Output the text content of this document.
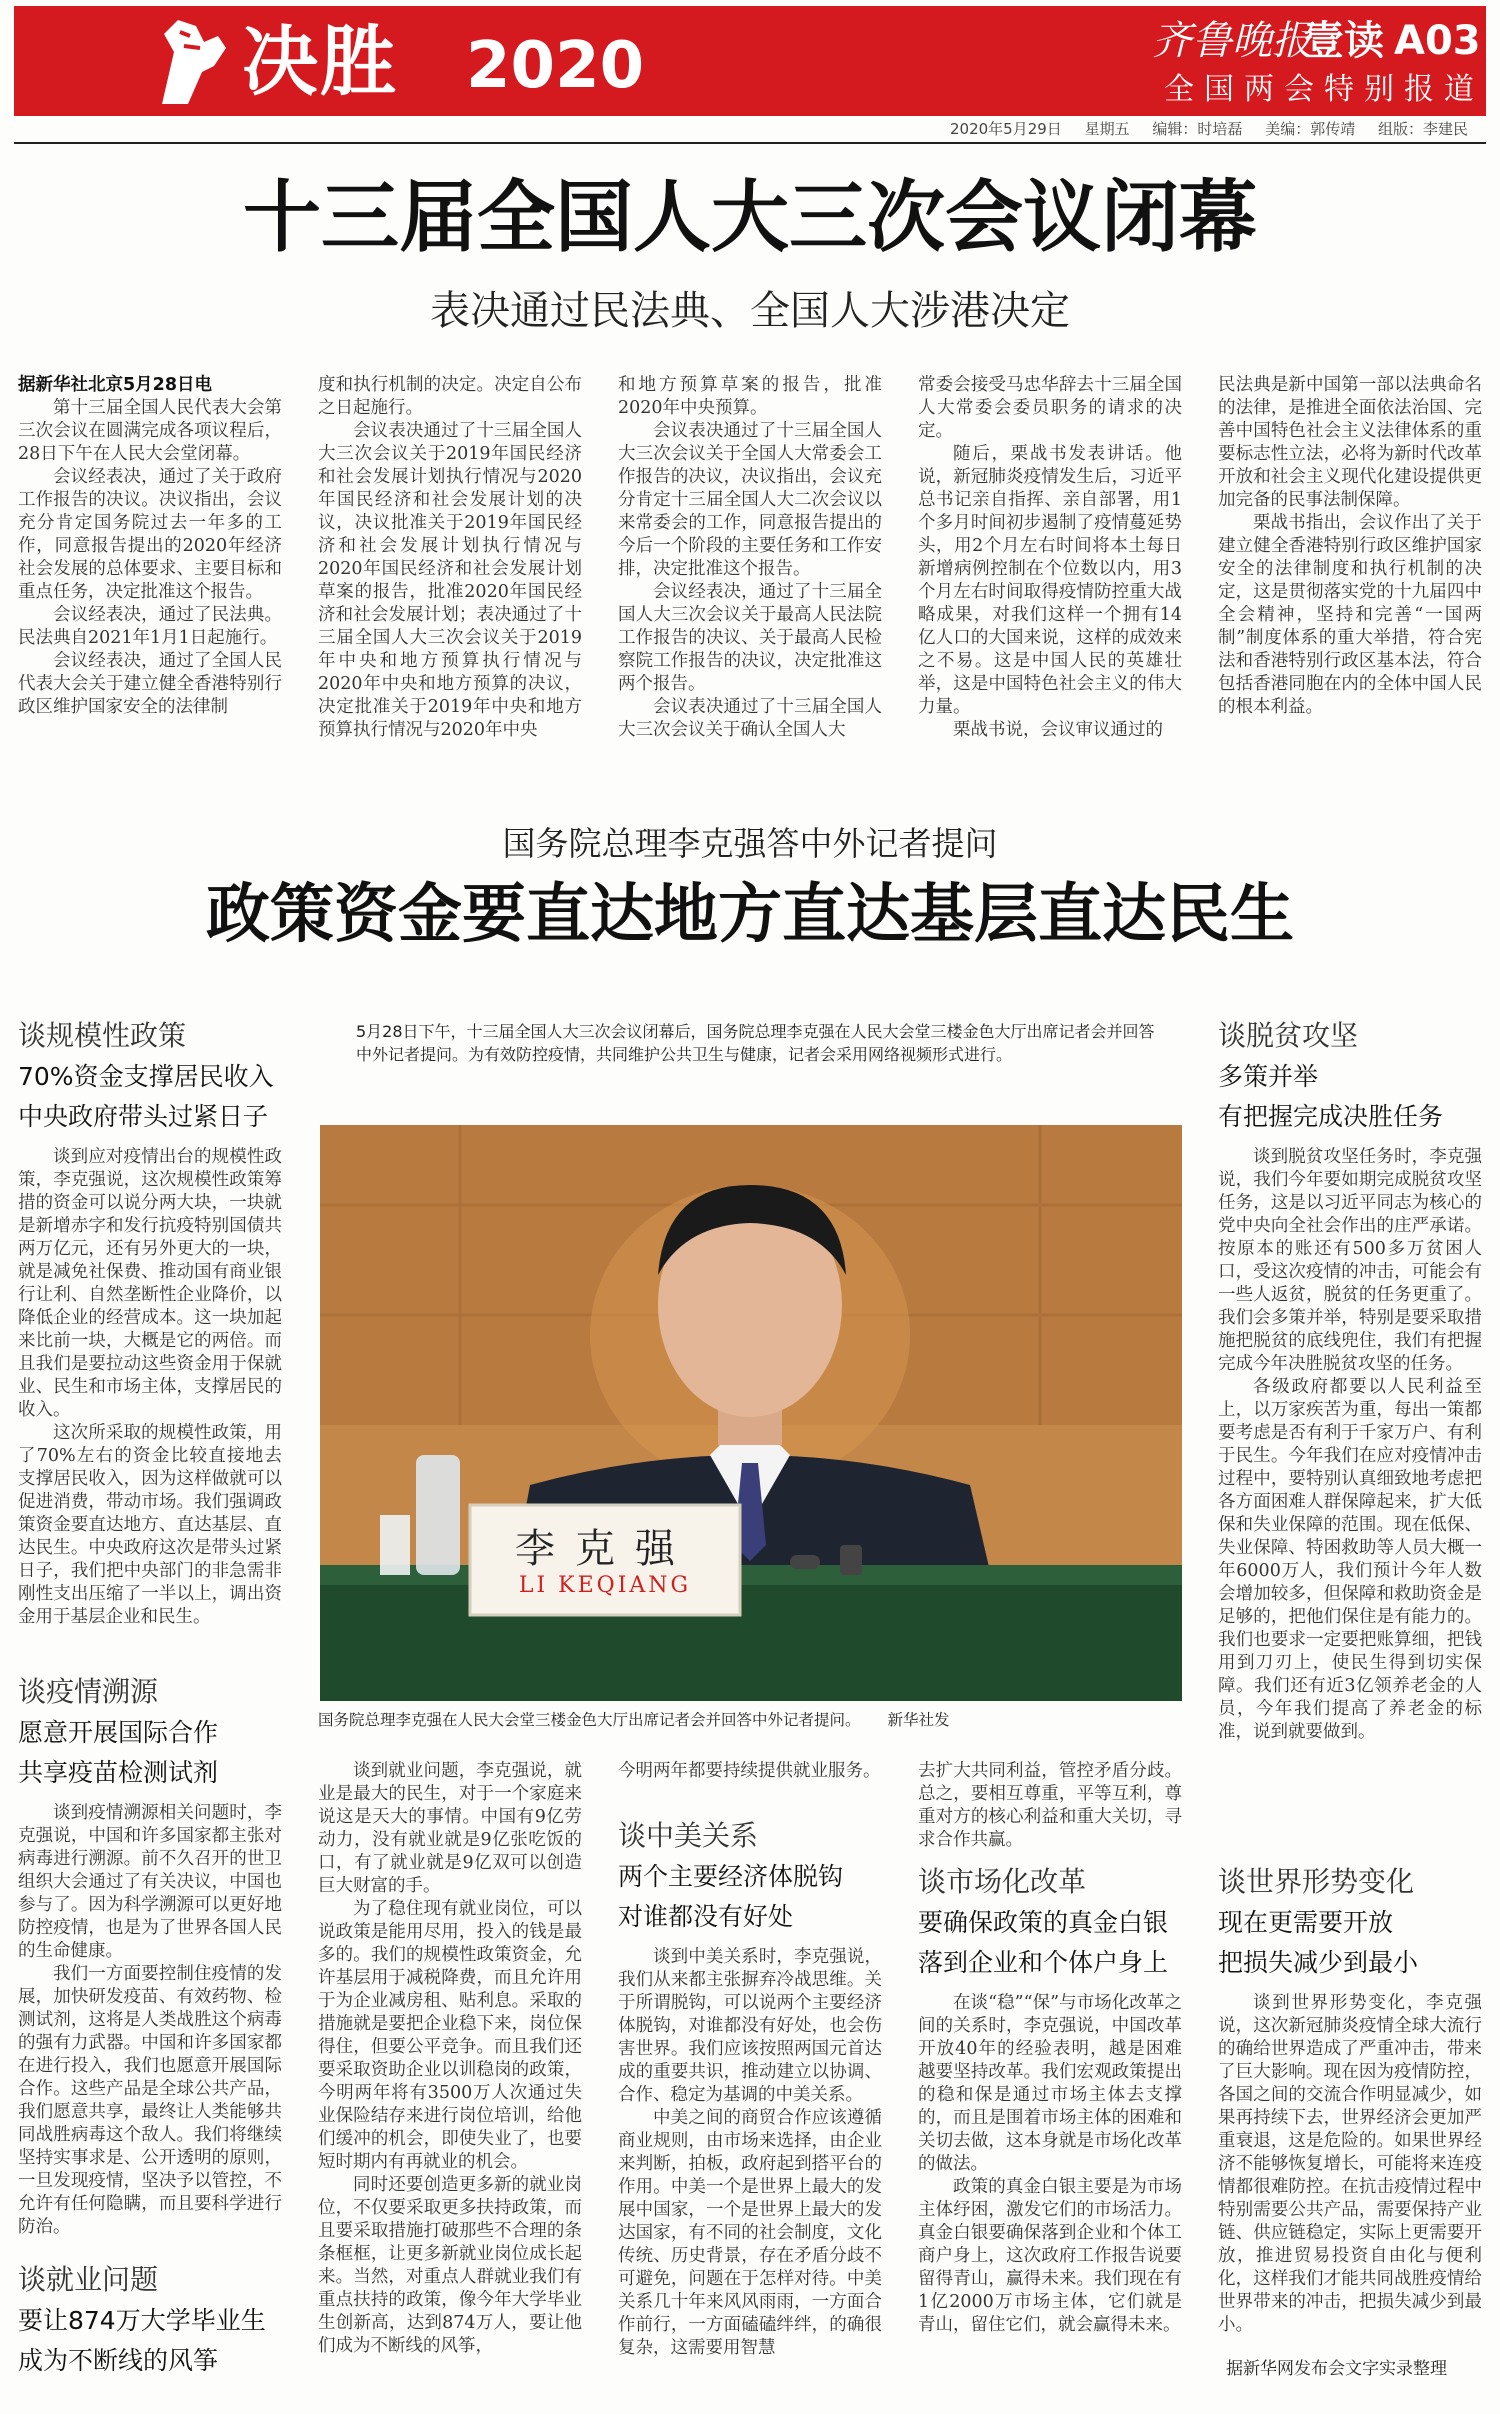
决胜 2020	齐鲁晚报
壹读 A03
全国两会特别报道
2020年5月29日 星期五 编辑：时培磊 美编：郭传靖 组版：李建民
十三届全国人大三次会议闭幕
表决通过民法典、全国人大涉港决定

据新华社北京5月28日电

第十三届全国人民代表大会第三次会议在圆满完成各项议程后，28日下午在人民大会堂闭幕。

会议经表决，通过了关于政府工作报告的决议。决议指出，会议充分肯定国务院过去一年多的工作，同意报告提出的2020年经济社会发展的总体要求、主要目标和重点任务，决定批准这个报告。

会议经表决，通过了民法典。民法典自2021年1月1日起施行。

会议经表决，通过了全国人民代表大会关于建立健全香港特别行政区维护国家安全的法律制

度和执行机制的决定。决定自公布之日起施行。

会议表决通过了十三届全国人大三次会议关于2019年国民经济和社会发展计划执行情况与2020年国民经济和社会发展计划的决议，决议批准关于2019年国民经济和社会发展计划执行情况与2020年国民经济和社会发展计划草案的报告，批准2020年国民经济和社会发展计划；表决通过了十三届全国人大三次会议关于2019年中央和地方预算执行情况与2020年中央和地方预算的决议，决定批准关于2019年中央和地方预算执行情况与2020年中央

和地方预算草案的报告，批准2020年中央预算。

会议表决通过了十三届全国人大三次会议关于全国人大常委会工作报告的决议，决议指出，会议充分肯定十三届全国人大二次会议以来常委会的工作，同意报告提出的今后一个阶段的主要任务和工作安排，决定批准这个报告。

会议经表决，通过了十三届全国人大三次会议关于最高人民法院工作报告的决议、关于最高人民检察院工作报告的决议，决定批准这两个报告。

会议表决通过了十三届全国人大三次会议关于确认全国人大

常委会接受马忠华辞去十三届全国人大常委会委员职务的请求的决定。

随后，栗战书发表讲话。他说，新冠肺炎疫情发生后，习近平总书记亲自指挥、亲自部署，用1个多月时间初步遏制了疫情蔓延势头，用2个月左右时间将本土每日新增病例控制在个位数以内，用3个月左右时间取得疫情防控重大战略成果，对我们这样一个拥有14亿人口的大国来说，这样的成效来之不易。这是中国人民的英雄壮举，这是中国特色社会主义的伟大力量。

栗战书说，会议审议通过的

民法典是新中国第一部以法典命名的法律，是推进全面依法治国、完善中国特色社会主义法律体系的重要标志性立法，必将为新时代改革开放和社会主义现代化建设提供更加完备的民事法制保障。

栗战书指出，会议作出了关于建立健全香港特别行政区维护国家安全的法律制度和执行机制的决定，这是贯彻落实党的十九届四中全会精神，坚持和完善“一国两制”制度体系的重大举措，符合宪法和香港特别行政区基本法，符合包括香港同胞在内的全体中国人民的根本利益。

国务院总理李克强答中外记者提问
政策资金要直达地方直达基层直达民生
5月28日下午，十三届全国人大三次会议闭幕后，国务院总理李克强在人民大会堂三楼金色大厅出席记者会并回答中外记者提问。为有效防控疫情，共同维护公共卫生与健康，记者会采用网络视频形式进行。
李克强
LI KEQIANG
国务院总理李克强在人民大会堂三楼金色大厅出席记者会并回答中外记者提问。 新华社发
谈规模性政策
70%资金支撑居民收入
中央政府带头过紧日子

谈到应对疫情出台的规模性政策，李克强说，这次规模性政策筹措的资金可以说分两大块，一块就是新增赤字和发行抗疫特别国债共两万亿元，还有另外更大的一块，就是减免社保费、推动国有商业银行让利、自然垄断性企业降价，以降低企业的经营成本。这一块加起来比前一块，大概是它的两倍。而且我们是要拉动这些资金用于保就业、民生和市场主体，支撑居民的收入。

这次所采取的规模性政策，用了70%左右的资金比较直接地去支撑居民收入，因为这样做就可以促进消费，带动市场。我们强调政策资金要直达地方、直达基层、直达民生。中央政府这次是带头过紧日子，我们把中央部门的非急需非刚性支出压缩了一半以上，调出资金用于基层企业和民生。

谈疫情溯源
愿意开展国际合作
共享疫苗检测试剂

谈到疫情溯源相关问题时，李克强说，中国和许多国家都主张对病毒进行溯源。前不久召开的世卫组织大会通过了有关决议，中国也参与了。因为科学溯源可以更好地防控疫情，也是为了世界各国人民的生命健康。

我们一方面要控制住疫情的发展，加快研发疫苗、有效药物、检测试剂，这将是人类战胜这个病毒的强有力武器。中国和许多国家都在进行投入，我们也愿意开展国际合作。这些产品是全球公共产品，我们愿意共享，最终让人类能够共同战胜病毒这个敌人。我们将继续坚持实事求是、公开透明的原则，一旦发现疫情，坚决予以管控，不允许有任何隐瞒，而且要科学进行防治。

谈就业问题
要让874万大学毕业生
成为不断线的风筝

谈到就业问题，李克强说，就业是最大的民生，对于一个家庭来说这是天大的事情。中国有9亿劳动力，没有就业就是9亿张吃饭的口，有了就业就是9亿双可以创造巨大财富的手。

为了稳住现有就业岗位，可以说政策是能用尽用，投入的钱是最多的。我们的规模性政策资金，允许基层用于减税降费，而且允许用于为企业减房租、贴利息。采取的措施就是要把企业稳下来，岗位保得住，但要公平竞争。而且我们还要采取资助企业以训稳岗的政策，今明两年将有3500万人次通过失业保险结存来进行岗位培训，给他们缓冲的机会，即使失业了，也要短时期内有再就业的机会。

同时还要创造更多新的就业岗位，不仅要采取更多扶持政策，而且要采取措施打破那些不合理的条条框框，让更多新就业岗位成长起来。当然，对重点人群就业我们有重点扶持的政策，像今年大学毕业生创新高，达到874万人，要让他们成为不断线的风筝，

今明两年都要持续提供就业服务。

谈中美关系
两个主要经济体脱钩
对谁都没有好处

谈到中美关系时，李克强说，我们从来都主张摒弃冷战思维。关于所谓脱钩，可以说两个主要经济体脱钩，对谁都没有好处，也会伤害世界。我们应该按照两国元首达成的重要共识，推动建立以协调、合作、稳定为基调的中美关系。

中美之间的商贸合作应该遵循商业规则，由市场来选择，由企业来判断，拍板，政府起到搭平台的作用。中美一个是世界上最大的发展中国家，一个是世界上最大的发达国家，有不同的社会制度，文化传统、历史背景，存在矛盾分歧不可避免，问题在于怎样对待。中美关系几十年来风风雨雨，一方面合作前行，一方面磕磕绊绊，的确很复杂，这需要用智慧

去扩大共同利益，管控矛盾分歧。总之，要相互尊重，平等互利，尊重对方的核心利益和重大关切，寻求合作共赢。

谈市场化改革
要确保政策的真金白银
落到企业和个体户身上

在谈“稳”“保”与市场化改革之间的关系时，李克强说，中国改革开放40年的经验表明，越是困难越要坚持改革。我们宏观政策提出的稳和保是通过市场主体去支撑的，而且是围着市场主体的困难和关切去做，这本身就是市场化改革的做法。

政策的真金白银主要是为市场主体纾困，激发它们的市场活力。真金白银要确保落到企业和个体工商户身上，这次政府工作报告说要留得青山，赢得未来。我们现在有1亿2000万市场主体，它们就是青山，留住它们，就会赢得未来。

谈脱贫攻坚
多策并举
有把握完成决胜任务

谈到脱贫攻坚任务时，李克强说，我们今年要如期完成脱贫攻坚任务，这是以习近平同志为核心的党中央向全社会作出的庄严承诺。按原本的账还有500多万贫困人口，受这次疫情的冲击，可能会有一些人返贫，脱贫的任务更重了。我们会多策并举，特别是要采取措施把脱贫的底线兜住，我们有把握完成今年决胜脱贫攻坚的任务。

各级政府都要以人民利益至上，以万家疾苦为重，每出一策都要考虑是否有利于千家万户、有利于民生。今年我们在应对疫情冲击过程中，要特别认真细致地考虑把各方面困难人群保障起来，扩大低保和失业保障的范围。现在低保、失业保障、特困救助等人员大概一年6000万人，我们预计今年人数会增加较多，但保障和救助资金是足够的，把他们保住是有能力的。我们也要求一定要把账算细，把钱用到刀刃上，使民生得到切实保障。我们还有近3亿领养老金的人员，今年我们提高了养老金的标准，说到就要做到。

谈世界形势变化
现在更需要开放
把损失减少到最小

谈到世界形势变化，李克强说，这次新冠肺炎疫情全球大流行的确给世界造成了严重冲击，带来了巨大影响。现在因为疫情防控，各国之间的交流合作明显减少，如果再持续下去，世界经济会更加严重衰退，这是危险的。如果世界经济不能够恢复增长，可能将来连疫情都很难防控。在抗击疫情过程中特别需要公共产品，需要保持产业链、供应链稳定，实际上更需要开放，推进贸易投资自由化与便利化，这样我们才能共同战胜疫情给世界带来的冲击，把损失减少到最小。

据新华网发布会文字实录整理
